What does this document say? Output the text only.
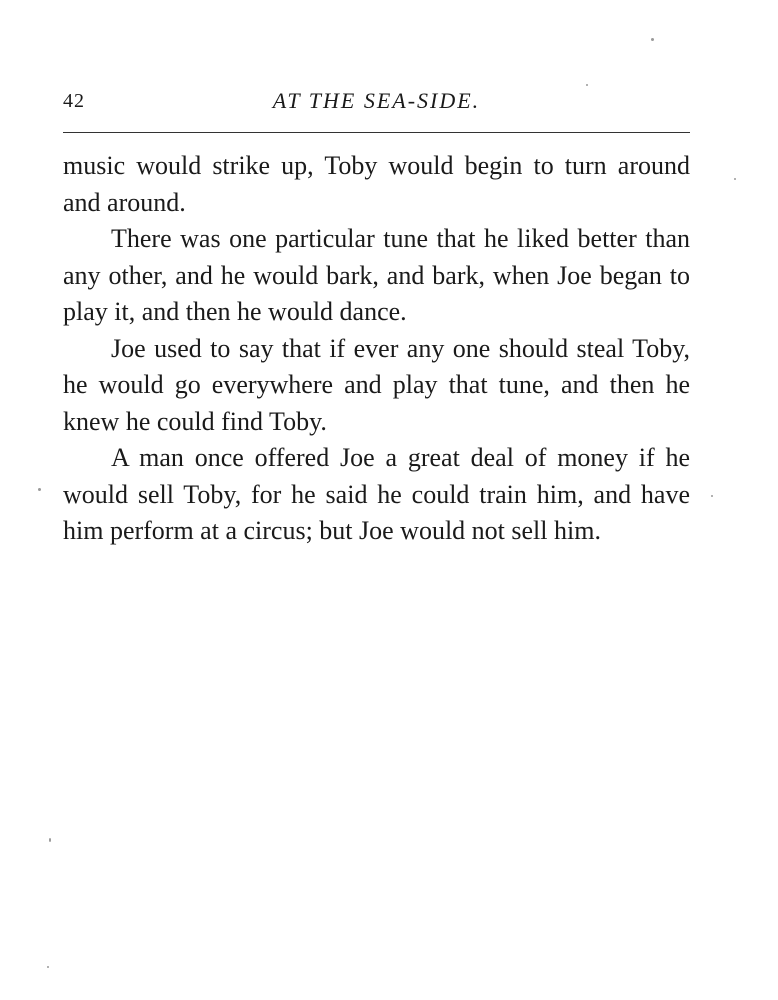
42	AT THE SEA-SIDE.

music would strike up, Toby would begin to turn around and around.

There was one particular tune that he liked better than any other, and he would bark, and bark, when Joe began to play it, and then he would dance.

Joe used to say that if ever any one should steal Toby, he would go everywhere and play that tune, and then he knew he could find Toby.

A man once offered Joe a great deal of money if he would sell Toby, for he said he could train him, and have him perform at a circus; but Joe would not sell him.
